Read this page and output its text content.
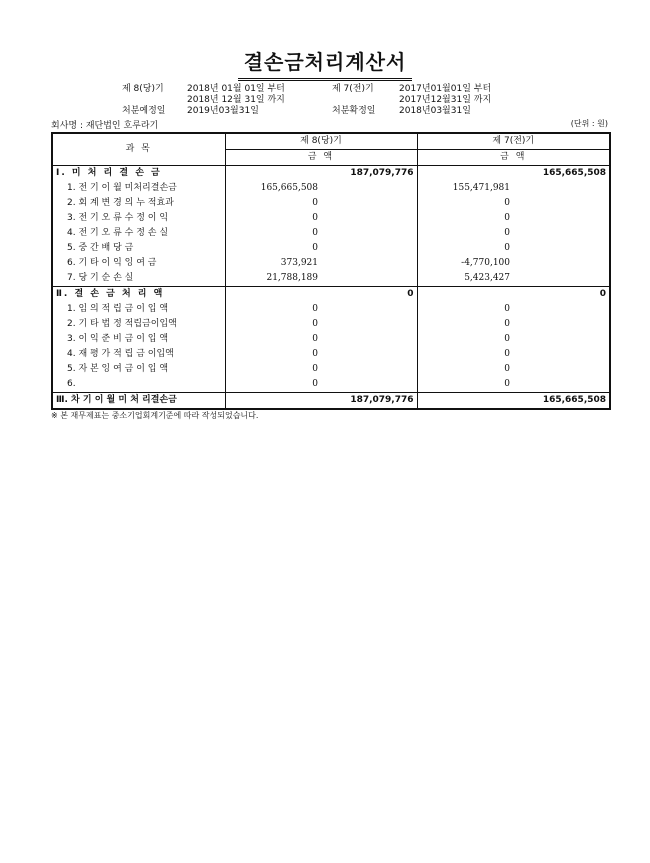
결손금처리계산서
제 8(당)기	2018년 01월 01일 부터
2018년 12월 31일 까지
제 7(전)기	2017년01월01일 부터
2017년12월31일 까지
처분예정일 2019년03월31일	처분확정일	2018년03월31일
회사명 : 재단법인 호루라기	(단위 : 원)
과 목	제 8(당)기		제 7(전)기	
	금 액		금 액	
Ⅰ. 미 처 리 결 손 금		187,079,776		165,665,508
1. 전 기 이 월 미처리결손금	165,665,508		155,471,981	
2. 회 계 변 경 의 누 적효과	0		0	
3. 전 기 오 류 수 정 이 익	0		0	
4. 전 기 오 류 수 정 손 실	0		0	
5. 중 간 배 당 금	0		0	
6. 기 타 이 익 잉 여 금	373,921		-4,770,100	
7. 당 기 순 손 실	21,788,189		5,423,427	
Ⅱ. 결 손 금 처 리 액		0		0
1. 임 의 적 립 금 이 입 액	0		0	
2. 기 타 법 정 적립금이입액	0		0	
3. 이 익 준 비 금 이 입 액	0		0	
4. 재 평 가 적 립 금 이입액	0		0	
5. 자 본 잉 여 금 이 입 액	0		0	
6.	0		0	
Ⅲ. 차 기 이 월 미 처 리결손금		187,079,776		165,665,508
※ 본 재무제표는 중소기업회계기준에 따라 작성되었습니다.
